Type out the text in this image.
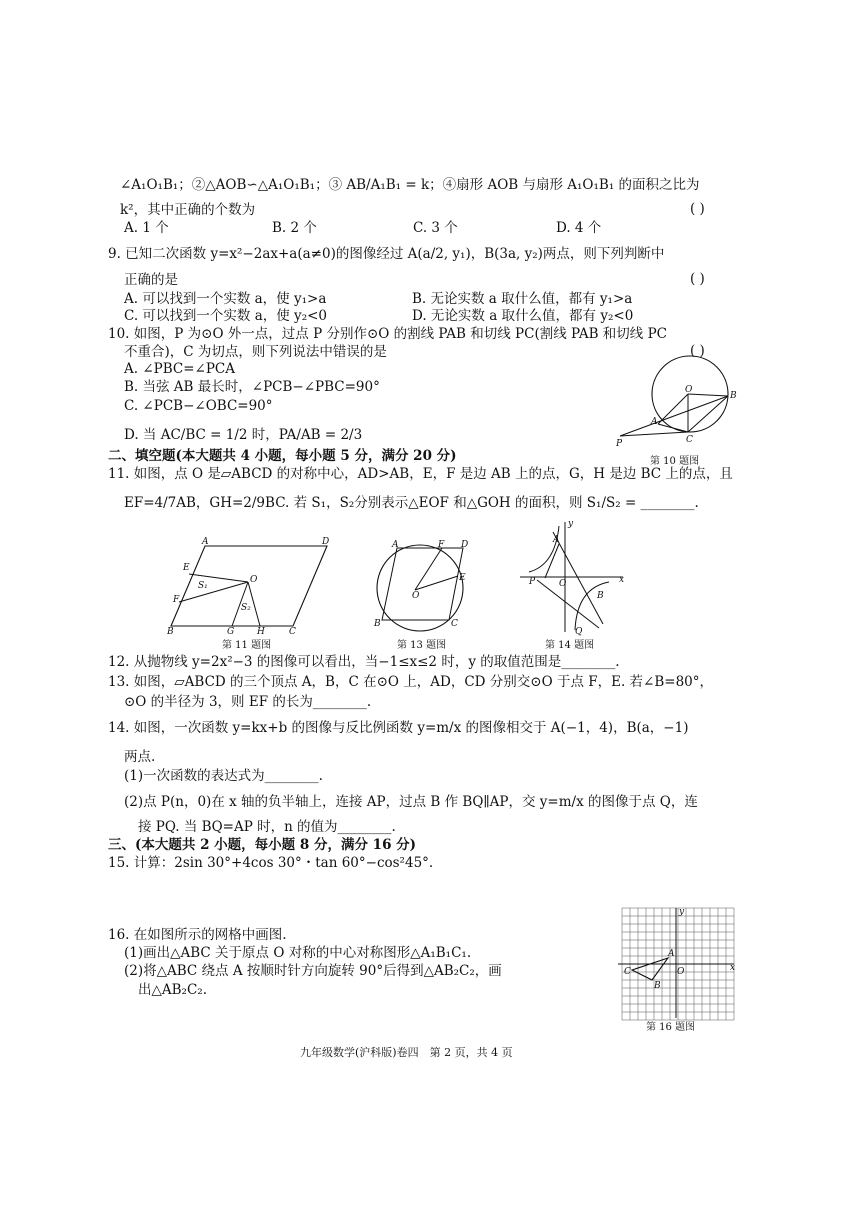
∠A₁O₁B₁；②△AOB∽△A₁O₁B₁；③ AB/A₁B₁ = k；④扇形 AOB 与扇形 A₁O₁B₁ 的面积之比为
k²，其中正确的个数为	( )
A. 1 个	B. 2 个	C. 3 个	D. 4 个
9. 已知二次函数 y=x²−2ax+a(a≠0)的图像经过 A(a/2, y₁)，B(3a, y₂)两点，则下列判断中
正确的是	( )
A. 可以找到一个实数 a，使 y₁>a	B. 无论实数 a 取什么值，都有 y₁>a
C. 可以找到一个实数 a，使 y₂<0	D. 无论实数 a 取什么值，都有 y₂<0
10. 如图，P 为⊙O 外一点，过点 P 分别作⊙O 的割线 PAB 和切线 PC(割线 PAB 和切线 PC
不重合)，C 为切点，则下列说法中错误的是	( )
A. ∠PBC=∠PCA
B. 当弦 AB 最长时，∠PCB−∠PBC=90°
C. ∠PCB−∠OBC=90°
D. 当 AC/BC = 1/2 时，PA/AB = 2/3
O
B
A
C
P
第 10 题图
二、填空题(本大题共 4 小题，每小题 5 分，满分 20 分)
11. 如图，点 O 是▱ABCD 的对称中心，AD>AB，E，F 是边 AB 上的点，G，H 是边 BC 上的点，且
EF=4/7AB，GH=2/9BC. 若 S₁，S₂分别表示△EOF 和△GOH 的面积，则 S₁/S₂ = ________.
A	D
E
F
O
S₁
S₂
B	G	H	C
第 11 题图
A	F D
E
O
B	C
第 13 题图
y
x
A
P	O
B
Q
第 14 题图
12. 从抛物线 y=2x²−3 的图像可以看出，当−1≤x≤2 时，y 的取值范围是________.
13. 如图，▱ABCD 的三个顶点 A，B，C 在⊙O 上，AD，CD 分别交⊙O 于点 F，E. 若∠B=80°，
⊙O 的半径为 3，则 EF 的长为________.
14. 如图，一次函数 y=kx+b 的图像与反比例函数 y=m/x 的图像相交于 A(−1，4)，B(a，−1)
两点.
(1)一次函数的表达式为________.
(2)点 P(n，0)在 x 轴的负半轴上，连接 AP，过点 B 作 BQ∥AP，交 y=m/x 的图像于点 Q，连
接 PQ. 当 BQ=AP 时，n 的值为________.
三、(本大题共 2 小题，每小题 8 分，满分 16 分)
15. 计算：2sin 30°+4cos 30°・tan 60°−cos²45°.
16. 在如图所示的网格中画图.
(1)画出△ABC 关于原点 O 对称的中心对称图形△A₁B₁C₁.
(2)将△ABC 绕点 A 按顺时针方向旋转 90°后得到△AB₂C₂，画
出△AB₂C₂.
y
x
A
C
B
O
第 16 题图
九年级数学(沪科版)卷四　第 2 页，共 4 页
